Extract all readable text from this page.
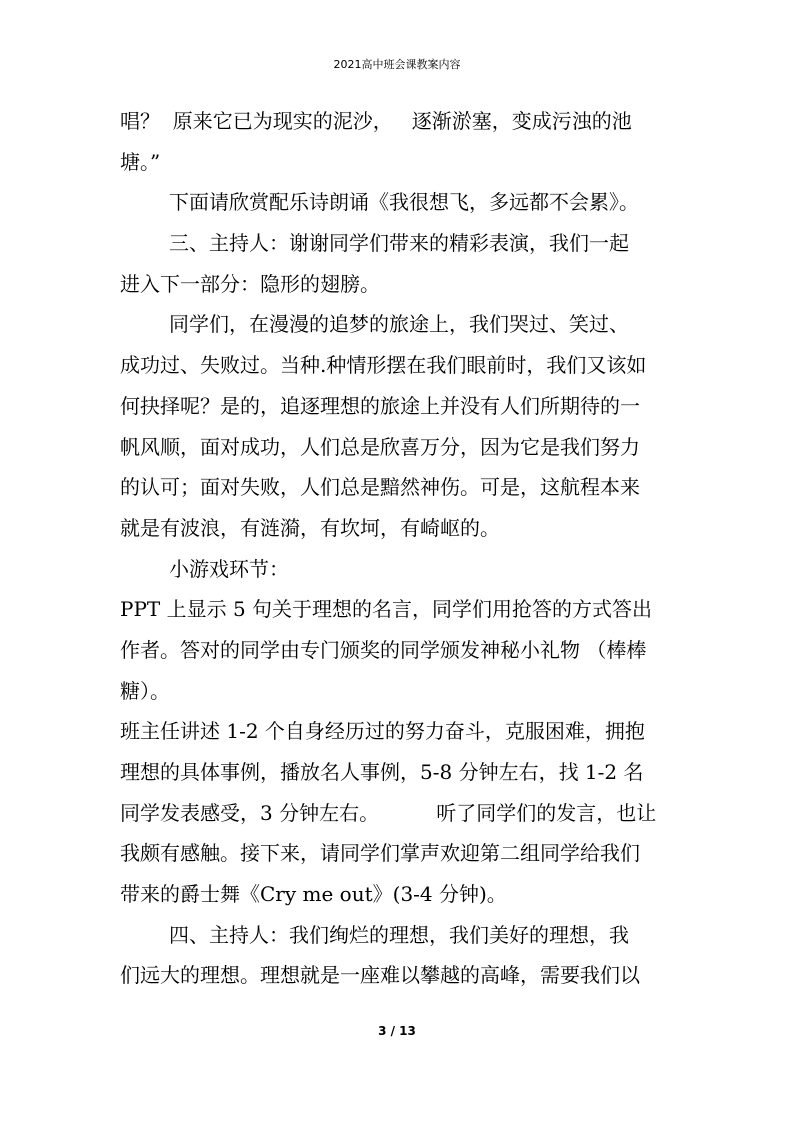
2021高中班会课教案内容
唱？  原来它已为现实的泥沙，   逐渐淤塞，变成污浊的池
塘。”
下面请欣赏配乐诗朗诵《我很想飞，多远都不会累》。
三、主持人：谢谢同学们带来的精彩表演，我们一起
进入下一部分：隐形的翅膀。
同学们，在漫漫的追梦的旅途上，我们哭过、笑过、
成功过、失败过。当种.种情形摆在我们眼前时，我们又该如
何抉择呢？是的，追逐理想的旅途上并没有人们所期待的一
帆风顺，面对成功，人们总是欣喜万分，因为它是我们努力
的认可；面对失败，人们总是黯然神伤。可是，这航程本来
就是有波浪，有涟漪，有坎坷，有崎岖的。
小游戏环节：
PPT 上显示 5 句关于理想的名言，同学们用抢答的方式答出
作者。答对的同学由专门颁奖的同学颁发神秘小礼物 （棒棒
糖）。
班主任讲述 1-2 个自身经历过的努力奋斗，克服困难，拥抱
理想的具体事例，播放名人事例，5-8 分钟左右，找 1-2 名
同学发表感受，3 分钟左右。         听了同学们的发言，也让
我颇有感触。接下来，请同学们掌声欢迎第二组同学给我们
带来的爵士舞《Cry me out》(3-4 分钟)。
四、主持人：我们绚烂的理想，我们美好的理想，我
们远大的理想。理想就是一座难以攀越的高峰，需要我们以
3 / 13
